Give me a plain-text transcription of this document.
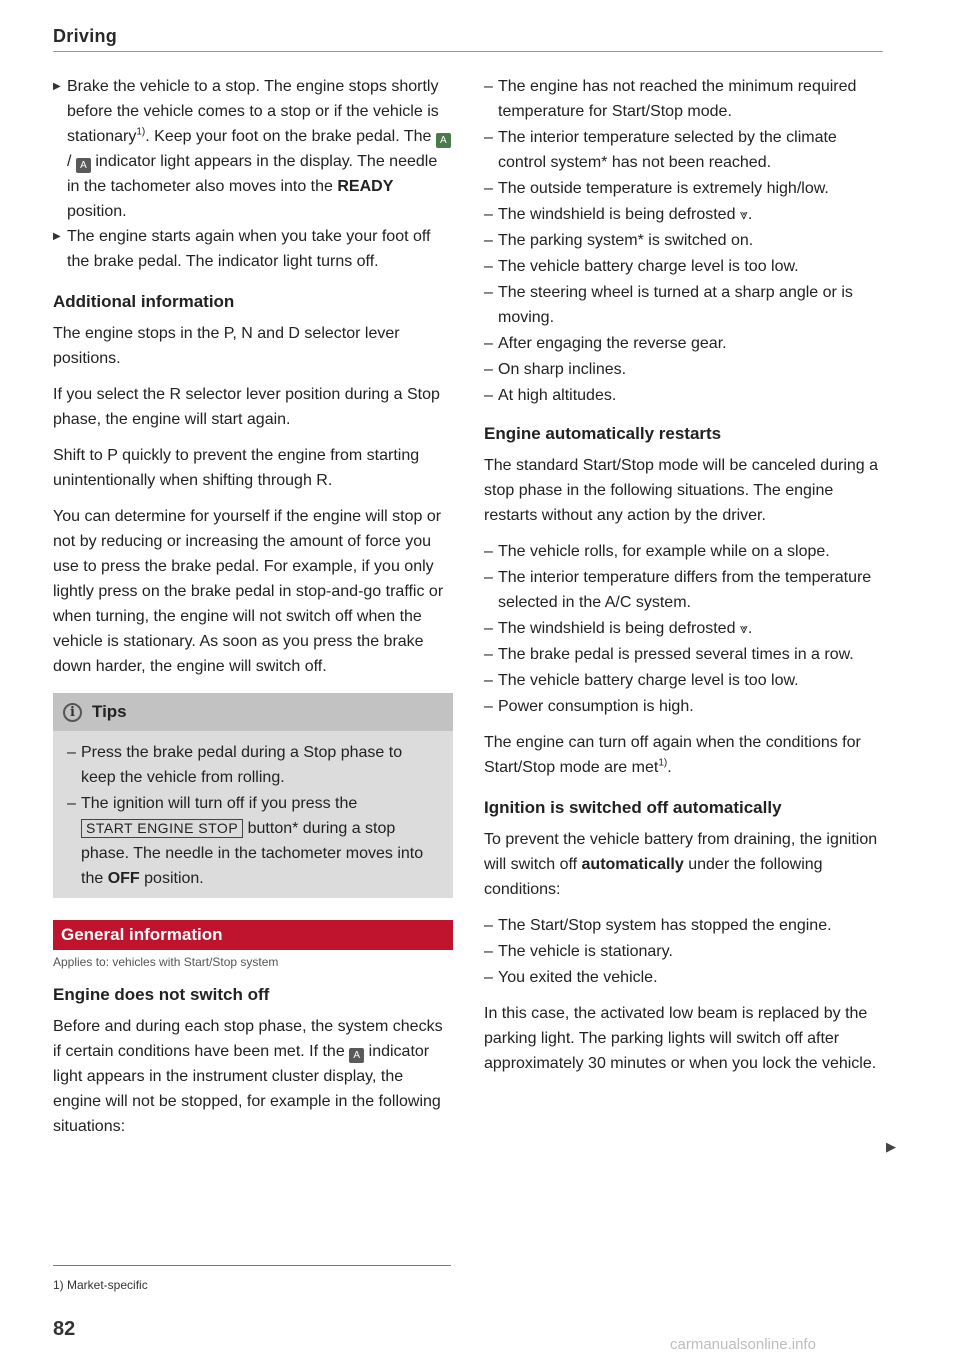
Driving

▶ Brake the vehicle to a stop. The engine stops shortly before the vehicle comes to a stop or if the vehicle is stationary$^{1)}$. Keep your foot on the brake pedal. The A/ A indicator light appears in the display. The needle in the tachometer also moves into the READY position.

▶ The engine starts again when you take your foot off the brake pedal. The indicator light turns off.

Additional information

The engine stops in the P, N and D selector lever positions.

If you select the R selector lever position during a Stop phase, the engine will start again.

Shift to P quickly to prevent the engine from starting unintentionally when shifting through R.

You can determine for yourself if the engine will stop or not by reducing or increasing the amount of force you use to press the brake pedal. For example, if you only lightly press on the brake pedal in stop-and-go traffic or when turning, the engine will not switch off when the vehicle is stationary. As soon as you press the brake down harder, the engine will switch off.

i	Tips
– Press the brake pedal during a Stop phase to keep the vehicle from rolling.
– The ignition will turn off if you press the START ENGINE STOP button* during a stop phase. The needle in the tachometer moves into the OFF position.
General information
Applies to: vehicles with Start/Stop system
Engine does not switch off

Before and during each stop phase, the system checks if certain conditions have been met. If the A indicator light appears in the instrument cluster display, the engine will not be stopped, for example in the following situations:

– The engine has not reached the minimum required temperature for Start/Stop mode.
– The interior temperature selected by the climate control system* has not been reached.
– The outside temperature is extremely high/low.
– The windshield is being defrosted ⩔.
– The parking system* is switched on.
– The vehicle battery charge level is too low.
– The steering wheel is turned at a sharp angle or is moving.
– After engaging the reverse gear.
– On sharp inclines.
– At high altitudes.
Engine automatically restarts

The standard Start/Stop mode will be canceled during a stop phase in the following situations. The engine restarts without any action by the driver.

– The vehicle rolls, for example while on a slope.
– The interior temperature differs from the temperature selected in the A/C system.
– The windshield is being defrosted ⩔.
– The brake pedal is pressed several times in a row.
– The vehicle battery charge level is too low.
– Power consumption is high.

The engine can turn off again when the conditions for Start/Stop mode are met$^{1)}$.

Ignition is switched off automatically

To prevent the vehicle battery from draining, the ignition will switch off automatically under the following conditions:

– The Start/Stop system has stopped the engine.
– The vehicle is stationary.
– You exited the vehicle.

In this case, the activated low beam is replaced by the parking light. The parking lights will switch off after approximately 30 minutes or when you lock the vehicle.

▶
1) Market-specific
82
carmanualsonline.info
